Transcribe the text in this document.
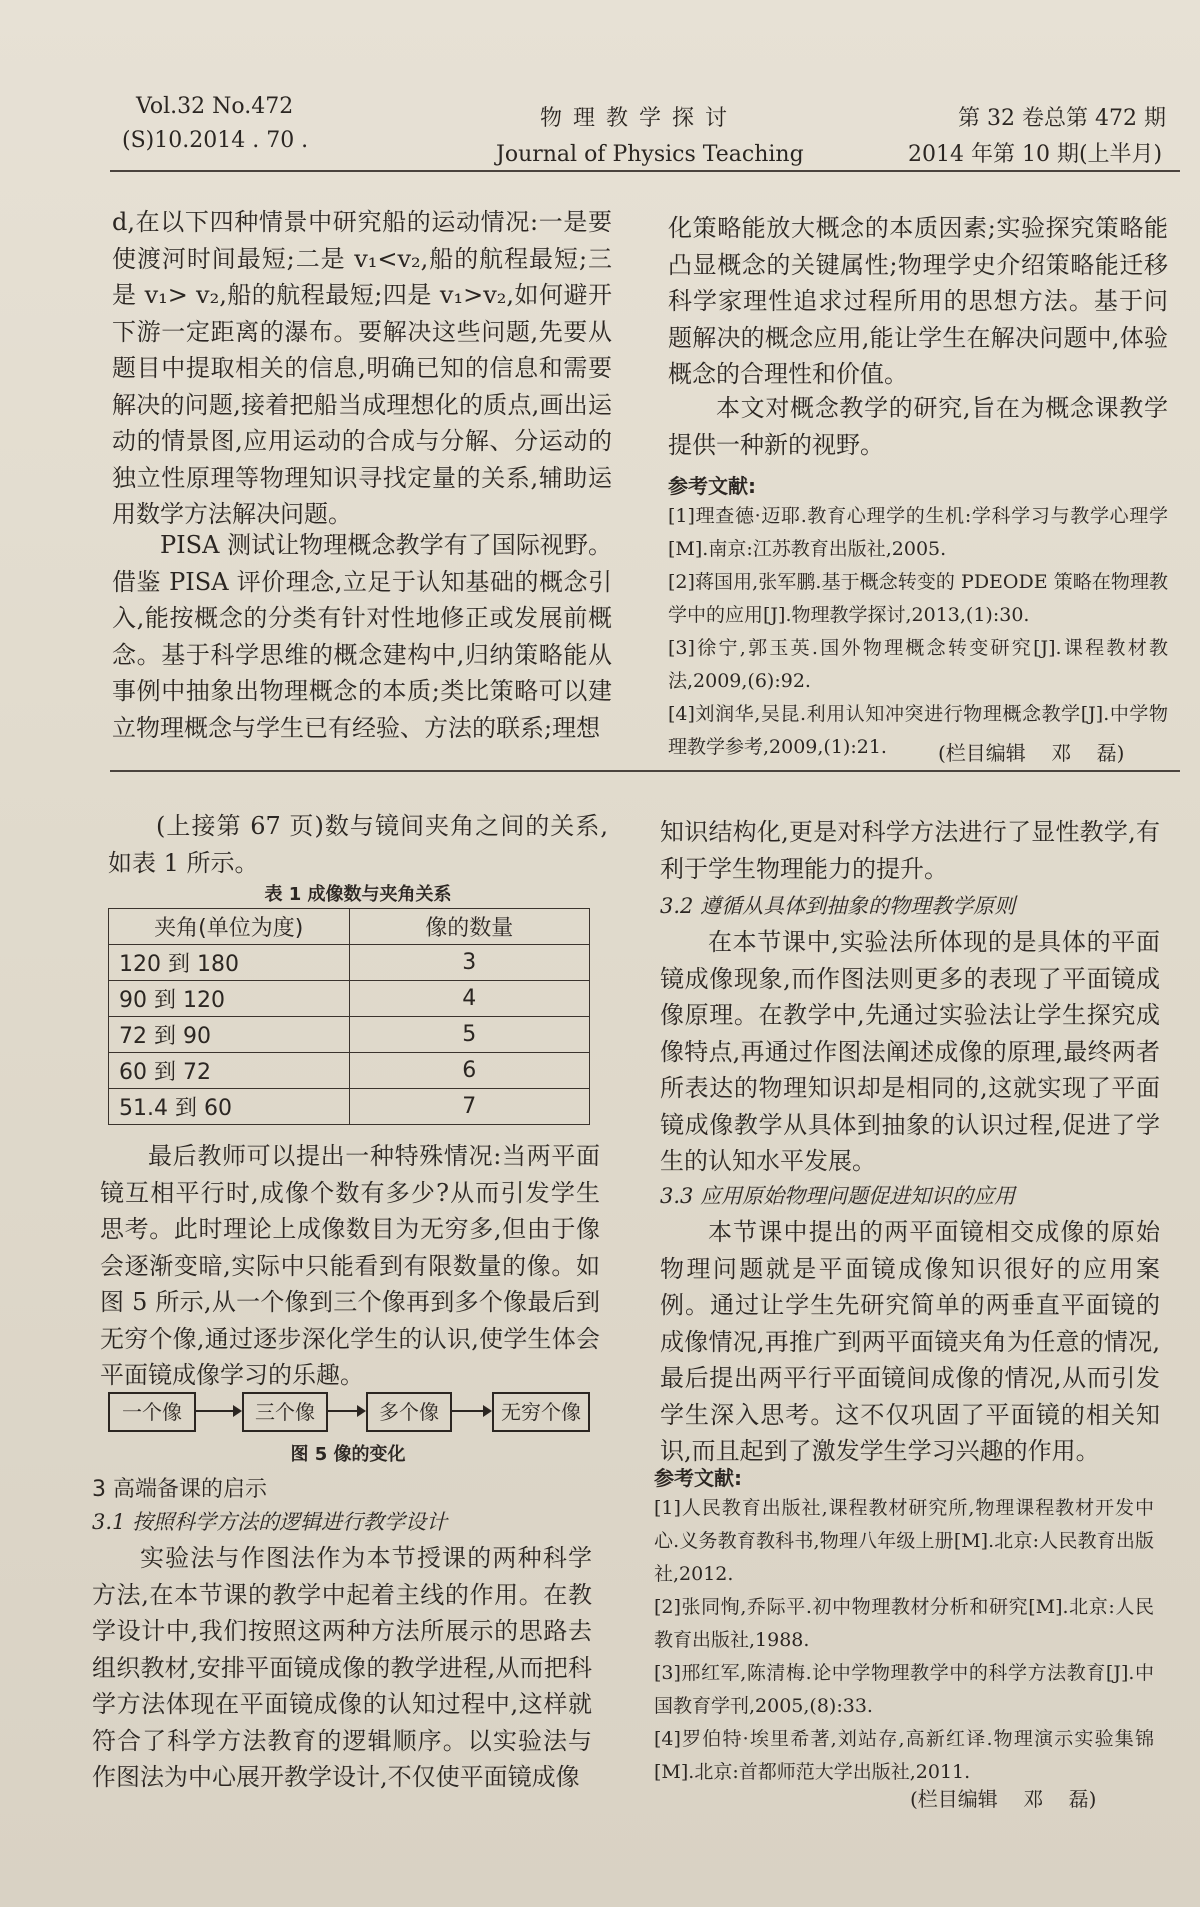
Vol.32 No.472
(S)10.2014 . 70 .
物 理 教 学 探 讨
Journal of Physics Teaching
第 32 卷总第 472 期
2014 年第 10 期(上半月)

d,在以下四种情景中研究船的运动情况:一是要使渡河时间最短;二是 v₁<v₂,船的航程最短;三是 v₁> v₂,船的航程最短;四是 v₁>v₂,如何避开下游一定距离的瀑布。要解决这些问题,先要从题目中提取相关的信息,明确已知的信息和需要解决的问题,接着把船当成理想化的质点,画出运动的情景图,应用运动的合成与分解、分运动的独立性原理等物理知识寻找定量的关系,辅助运用数学方法解决问题。

PISA 测试让物理概念教学有了国际视野。借鉴 PISA 评价理念,立足于认知基础的概念引入,能按概念的分类有针对性地修正或发展前概念。基于科学思维的概念建构中,归纳策略能从事例中抽象出物理概念的本质;类比策略可以建立物理概念与学生已有经验、方法的联系;理想

化策略能放大概念的本质因素;实验探究策略能凸显概念的关键属性;物理学史介绍策略能迁移科学家理性追求过程所用的思想方法。基于问题解决的概念应用,能让学生在解决问题中,体验概念的合理性和价值。

本文对概念教学的研究,旨在为概念课教学提供一种新的视野。

参考文献:
[1]理查德·迈耶.教育心理学的生机:学科学习与教学心理学 [M].南京:江苏教育出版社,2005.
[2]蒋国用,张军鹏.基于概念转变的 PDEODE 策略在物理教学中的应用[J].物理教学探讨,2013,(1):30.
[3]徐宁,郭玉英.国外物理概念转变研究[J].课程教材教法,2009,(6):92.
[4]刘润华,吴昆.利用认知冲突进行物理概念教学[J].中学物理教学参考,2009,(1):21.	(栏目编辑    邓    磊)

(上接第 67 页)数与镜间夹角之间的关系,如表 1 所示。

表 1 成像数与夹角关系
夹角(单位为度)	像的数量
120 到 180	3
90 到 120	4
72 到 90	5
60 到 72	6
51.4 到 60	7

最后教师可以提出一种特殊情况:当两平面镜互相平行时,成像个数有多少?从而引发学生思考。此时理论上成像数目为无穷多,但由于像会逐渐变暗,实际中只能看到有限数量的像。如图 5 所示,从一个像到三个像再到多个像最后到无穷个像,通过逐步深化学生的认识,使学生体会平面镜成像学习的乐趣。

一个像	三个像	多个像	无穷个像
图 5 像的变化
3 高端备课的启示
3.1 按照科学方法的逻辑进行教学设计

实验法与作图法作为本节授课的两种科学方法,在本节课的教学中起着主线的作用。在教学设计中,我们按照这两种方法所展示的思路去组织教材,安排平面镜成像的教学进程,从而把科学方法体现在平面镜成像的认知过程中,这样就符合了科学方法教育的逻辑顺序。以实验法与作图法为中心展开教学设计,不仅使平面镜成像

知识结构化,更是对科学方法进行了显性教学,有利于学生物理能力的提升。

3.2 遵循从具体到抽象的物理教学原则

在本节课中,实验法所体现的是具体的平面镜成像现象,而作图法则更多的表现了平面镜成像原理。在教学中,先通过实验法让学生探究成像特点,再通过作图法阐述成像的原理,最终两者所表达的物理知识却是相同的,这就实现了平面镜成像教学从具体到抽象的认识过程,促进了学生的认知水平发展。

3.3 应用原始物理问题促进知识的应用

本节课中提出的两平面镜相交成像的原始物理问题就是平面镜成像知识很好的应用案例。通过让学生先研究简单的两垂直平面镜的成像情况,再推广到两平面镜夹角为任意的情况,最后提出两平行平面镜间成像的情况,从而引发学生深入思考。这不仅巩固了平面镜的相关知识,而且起到了激发学生学习兴趣的作用。

参考文献:
[1]人民教育出版社,课程教材研究所,物理课程教材开发中心.义务教育教科书,物理八年级上册[M].北京:人民教育出版社,2012.
[2]张同恂,乔际平.初中物理教材分析和研究[M].北京:人民教育出版社,1988.
[3]邢红军,陈清梅.论中学物理教学中的科学方法教育[J].中国教育学刊,2005,(8):33.
[4]罗伯特·埃里希著,刘站存,高新红译.物理演示实验集锦[M].北京:首都师范大学出版社,2011.
(栏目编辑    邓    磊)
